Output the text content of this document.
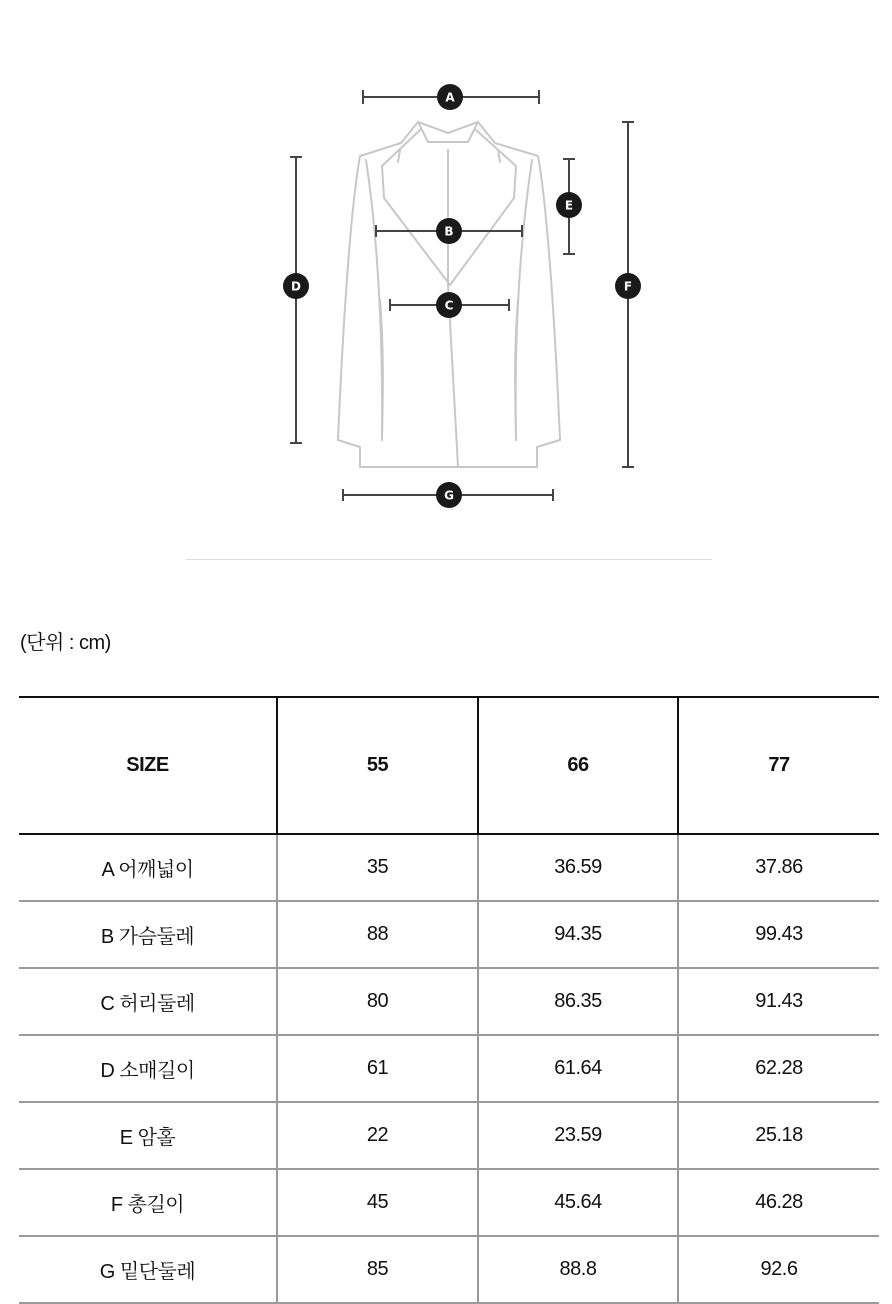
A
B
C
D
E
F
G
(단위 : cm)
SIZE	55	66	77
A 어깨넓이	35	36.59	37.86
B 가슴둘레	88	94.35	99.43
C 허리둘레	80	86.35	91.43
D 소매길이	61	61.64	62.28
E 암홀	22	23.59	25.18
F 총길이	45	45.64	46.28
G 밑단둘레	85	88.8	92.6
